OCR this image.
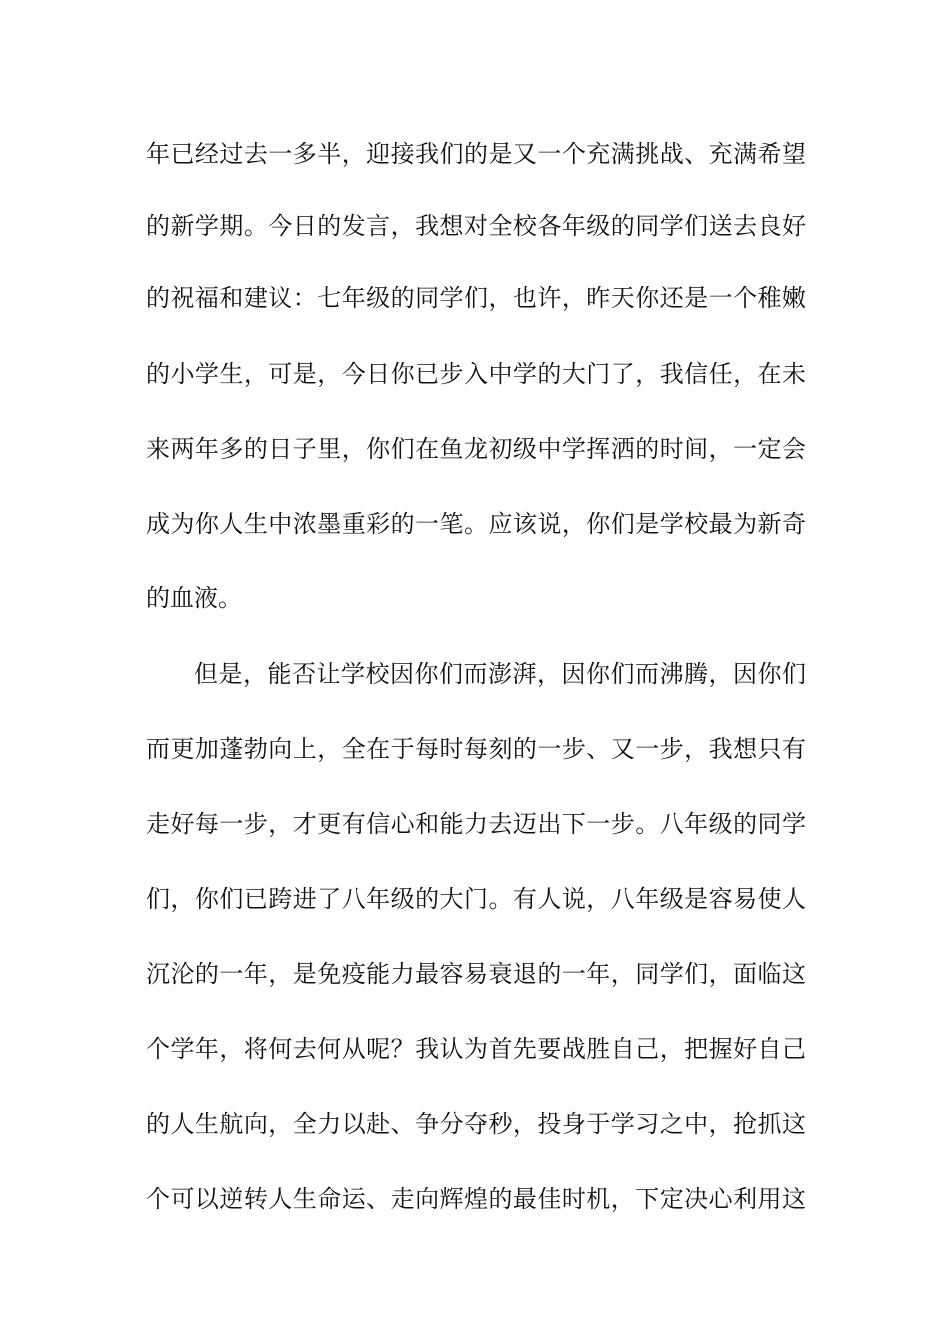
年已经过去一多半，迎接我们的是又一个充满挑战、充满希望
的新学期。今日的发言，我想对全校各年级的同学们送去良好
的祝福和建议：七年级的同学们，也许，昨天你还是一个稚嫩
的小学生，可是，今日你已步入中学的大门了，我信任，在未
来两年多的日子里，你们在鱼龙初级中学挥洒的时间，一定会
成为你人生中浓墨重彩的一笔。应该说，你们是学校最为新奇
的血液。
但是，能否让学校因你们而澎湃，因你们而沸腾，因你们
而更加蓬勃向上，全在于每时每刻的一步、又一步，我想只有
走好每一步，才更有信心和能力去迈出下一步。八年级的同学
们，你们已跨进了八年级的大门。有人说，八年级是容易使人
沉沦的一年，是免疫能力最容易衰退的一年，同学们，面临这
个学年，将何去何从呢？我认为首先要战胜自己，把握好自己
的人生航向，全力以赴、争分夺秒，投身于学习之中，抢抓这
个可以逆转人生命运、走向辉煌的最佳时机，下定决心利用这
